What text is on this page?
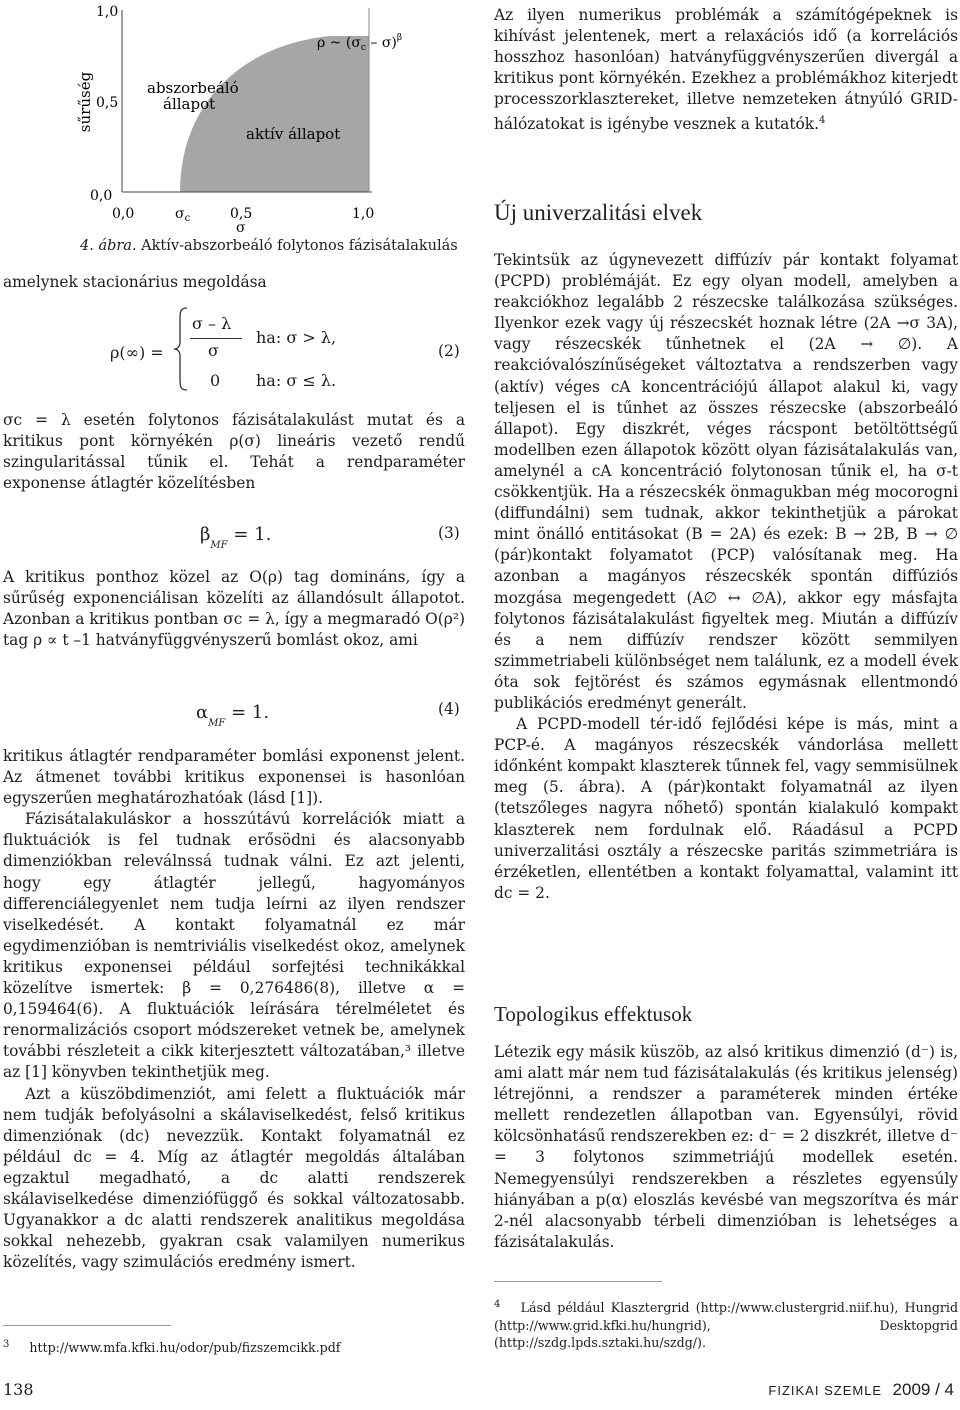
sűrűség
1,0
0,5
0,0
0,0	$\sigma_c$	0,5	1,0
σ
abszorbeáló
állapot
aktív állapot
ρ ~ $(\sigma_c - \sigma)^\beta$
4. ábra. Aktív-abszorbeáló folytonos fázisátalakulás

amelynek stacionárius megoldása

ρ(∞) =
σ – λ
σ
ha: σ > λ,
0 ha: σ ≤ λ.
(2)

σc = λ esetén folytonos fázisátalakulást mutat és a kritikus pont környékén ρ(σ) lineáris vezető rendű szingularitással tűnik el. Tehát a rendparaméter exponense átlagtér közelítésben

$\beta_{MF} = 1$.	(3)

A kritikus ponthoz közel az O(ρ) tag domináns, így a sűrűség exponenciálisan közelíti az állandósult állapotot. Azonban a kritikus pontban σc = λ, így a megmaradó O(ρ²) tag ρ ∝ t –1 hatványfüggvényszerű bomlást okoz, ami

$\alpha_{MF} = 1$.	(4)

kritikus átlagtér rendparaméter bomlási exponenst jelent. Az átmenet további kritikus exponensei is hasonlóan egyszerűen meghatározhatóak (lásd [1]).

Fázisátalakuláskor a hosszútávú korrelációk miatt a fluktuációk is fel tudnak erősödni és alacsonyabb dimenziókban releválnssá tudnak válni. Ez azt jelenti, hogy egy átlagtér jellegű, hagyományos differenciálegyenlet nem tudja leírni az ilyen rendszer viselkedését. A kontakt folyamatnál ez már egydimenzióban is nemtriviális viselkedést okoz, amelynek kritikus exponensei például sorfejtési technikákkal közelítve ismertek: β = 0,276486(8), illetve α = 0,159464(6). A fluktuációk leírására térelméletet és renormalizációs csoport módszereket vetnek be, amelynek további részleteit a cikk kiterjesztett változatában,³ illetve az [1] könyvben tekinthetjük meg.

Azt a küszöbdimenziót, ami felett a fluktuációk már nem tudják befolyásolni a skálaviselkedést, felső kritikus dimenziónak (dc) nevezzük. Kontakt folyamatnál ez például dc = 4. Míg az átlagtér megoldás általában egzaktul megadható, a dc alatti rendszerek skálaviselkedése dimenziófüggő és sokkal változatosabb. Ugyanakkor a dc alatti rendszerek analitikus megoldása sokkal nehezebb, gyakran csak valamilyen numerikus közelítés, vagy szimulációs eredmény ismert.

$^3$ http://www.mfa.kfki.hu/odor/pub/fizszemcikk.pdf

Az ilyen numerikus problémák a számítógépeknek is kihívást jelentenek, mert a relaxációs idő (a korrelációs hosszhoz hasonlóan) hatványfüggvényszerűen divergál a kritikus pont környékén. Ezekhez a problémákhoz kiterjedt processzorklasztereket, illetve nemzeteken átnyúló GRID-hálózatokat is igénybe vesznek a kutatók.$^4$

Új univerzalitási elvek

Tekintsük az úgynevezett diffúzív pár kontakt folyamat (PCPD) problémáját. Ez egy olyan modell, amelyben a reakciókhoz legalább 2 részecske találkozása szükséges. Ilyenkor ezek vagy új részecskét hoznak létre (2A →σ 3A), vagy részecskék tűnhetnek el (2A → ∅). A reakcióvalószínűségeket változtatva a rendszerben vagy (aktív) véges cA koncentrációjú állapot alakul ki, vagy teljesen el is tűnhet az összes részecske (abszorbeáló állapot). Egy diszkrét, véges rácspont betöltöttségű modellben ezen állapotok között olyan fázisátalakulás van, amelynél a cA koncentráció folytonosan tűnik el, ha σ-t csökkentjük. Ha a részecskék önmagukban még mocorogni (diffundálni) sem tudnak, akkor tekinthetjük a párokat mint önálló entitásokat (B = 2A) és ezek: B → 2B, B → ∅ (pár)kontakt folyamatot (PCP) valósítanak meg. Ha azonban a magányos részecskék spontán diffúziós mozgása megengedett (A∅ ↔ ∅A), akkor egy másfajta folytonos fázisátalakulást figyeltek meg. Miután a diffúzív és a nem diffúzív rendszer között semmilyen szimmetriabeli különbséget nem találunk, ez a modell évek óta sok fejtörést és számos egymásnak ellentmondó publikációs eredményt generált.

A PCPD-modell tér-idő fejlődési képe is más, mint a PCP-é. A magányos részecskék vándorlása mellett időnként kompakt klaszterek tűnnek fel, vagy semmisülnek meg (5. ábra). A (pár)kontakt folyamatnál az ilyen (tetszőleges nagyra nőhető) spontán kialakuló kompakt klaszterek nem fordulnak elő. Ráadásul a PCPD univerzalitási osztály a részecske paritás szimmetriára is érzéketlen, ellentétben a kontakt folyamattal, valamint itt dc = 2.

Topologikus effektusok

Létezik egy másik küszöb, az alsó kritikus dimenzió (d⁻) is, ami alatt már nem tud fázisátalakulás (és kritikus jelenség) létrejönni, a rendszer a paraméterek minden értéke mellett rendezetlen állapotban van. Egyensúlyi, rövid kölcsönhatásű rendszerekben ez: d⁻ = 2 diszkrét, illetve d⁻ = 3 folytonos szimmetriájú modellek esetén. Nemegyensúlyi rendszerekben a részletes egyensúly hiányában a p(α) eloszlás kevésbé van megszorítva és már 2-nél alacsonyabb térbeli dimenzióban is lehetséges a fázisátalakulás.

$^4$ Lásd például Klasztergrid (http://www.clustergrid.niif.hu), Hungrid (http://www.grid.kfki.hu/hungrid), Desktopgrid (http://szdg.lpds.sztaki.hu/szdg/).
138	FIZIKAI SZEMLE 2009 / 4
